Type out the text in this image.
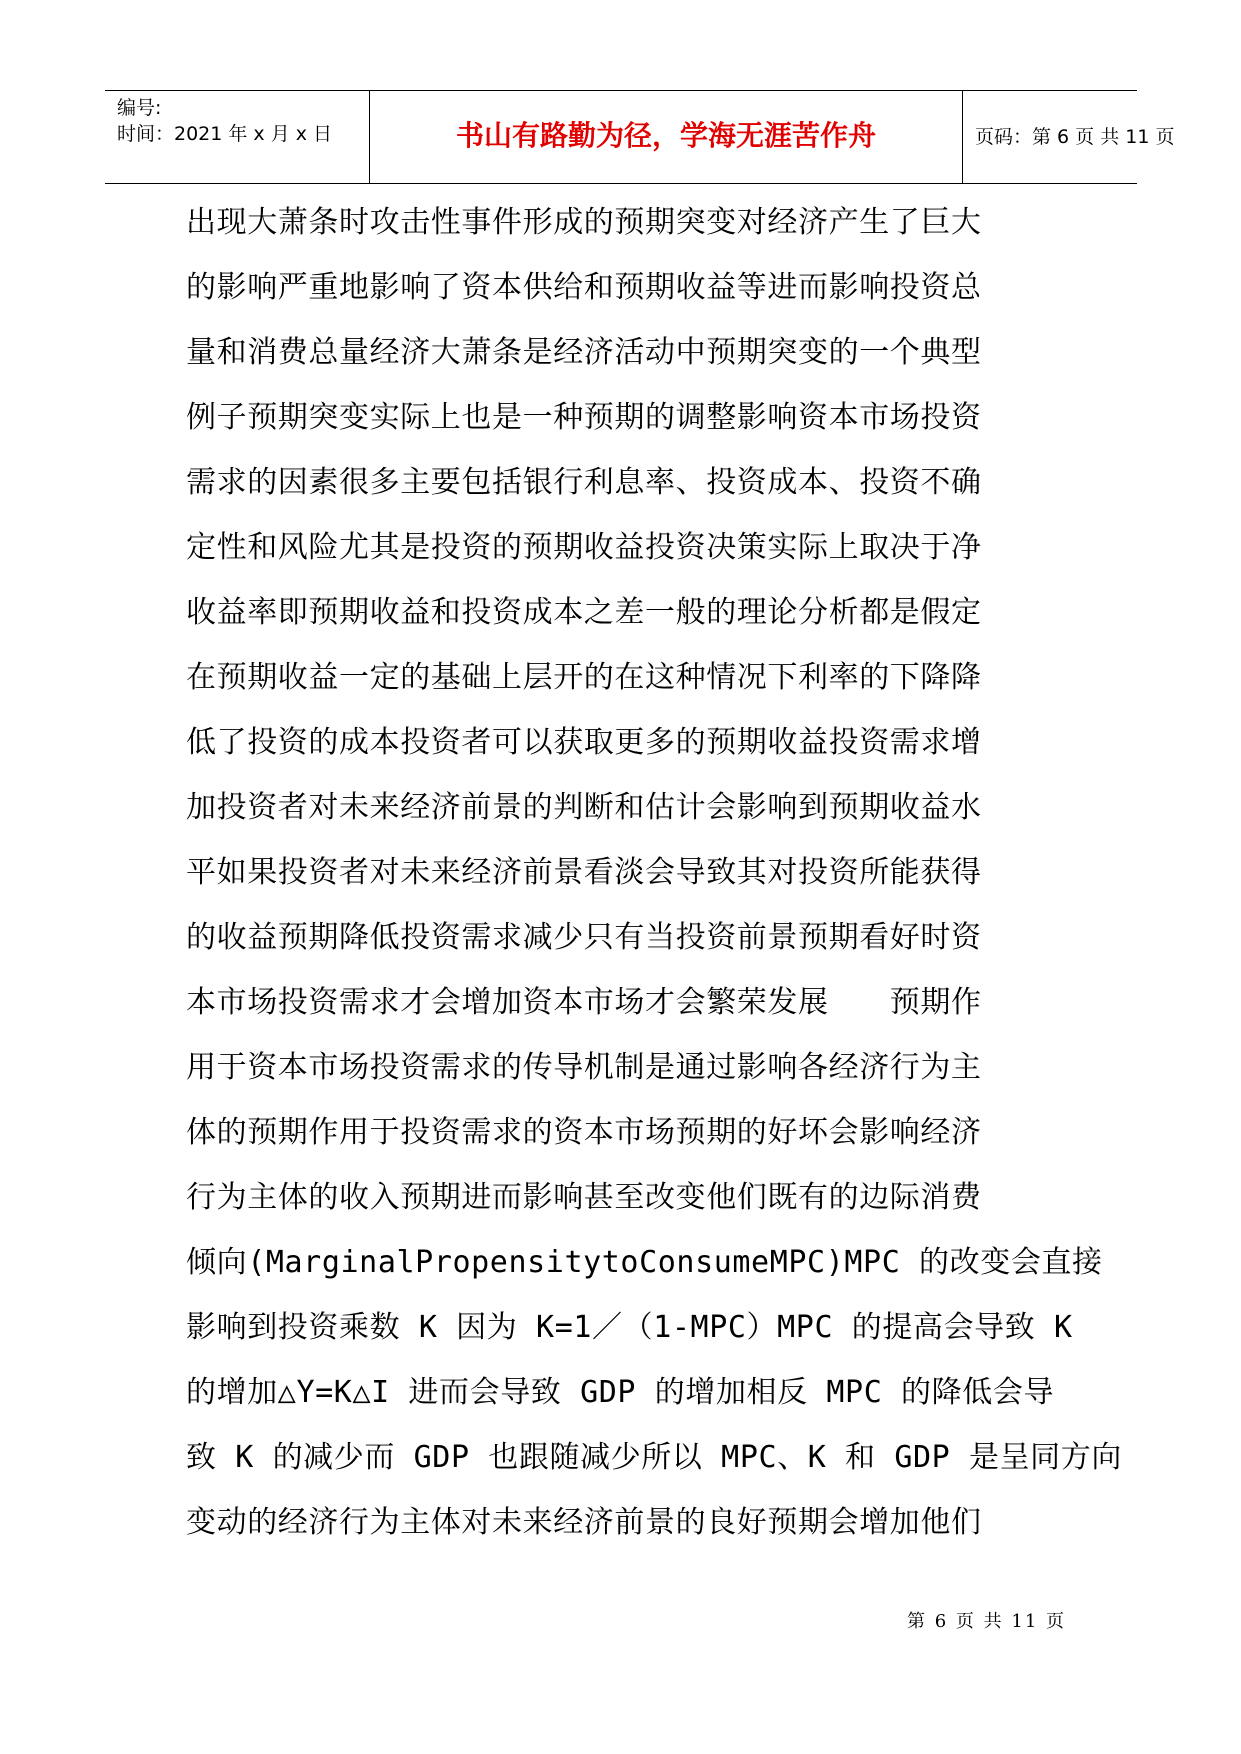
编号:
时间：2021 年 x 月 x 日	书山有路勤为径，学海无涯苦作舟	页码：第 6 页 共 11 页
出现大萧条时攻击性事件形成的预期突变对经济产生了巨大
的影响严重地影响了资本供给和预期收益等进而影响投资总
量和消费总量经济大萧条是经济活动中预期突变的一个典型
例子预期突变实际上也是一种预期的调整影响资本市场投资
需求的因素很多主要包括银行利息率、投资成本、投资不确
定性和风险尤其是投资的预期收益投资决策实际上取决于净
收益率即预期收益和投资成本之差一般的理论分析都是假定
在预期收益一定的基础上层开的在这种情况下利率的下降降
低了投资的成本投资者可以获取更多的预期收益投资需求增
加投资者对未来经济前景的判断和估计会影响到预期收益水
平如果投资者对未来经济前景看淡会导致其对投资所能获得
的收益预期降低投资需求减少只有当投资前景预期看好时资
本市场投资需求才会增加资本市场才会繁荣发展　　预期作
用于资本市场投资需求的传导机制是通过影响各经济行为主
体的预期作用于投资需求的资本市场预期的好坏会影响经济
行为主体的收入预期进而影响甚至改变他们既有的边际消费
倾向(MarginalPropensitytoConsumeMPC)MPC 的改变会直接
影响到投资乘数 K 因为 K=1／（1-MPC）MPC 的提高会导致 K
的增加△Y=K△I 进而会导致 GDP 的增加相反 MPC 的降低会导
致 K 的减少而 GDP 也跟随减少所以 MPC、K 和 GDP 是呈同方向
变动的经济行为主体对未来经济前景的良好预期会增加他们
第 6 页 共 11 页
